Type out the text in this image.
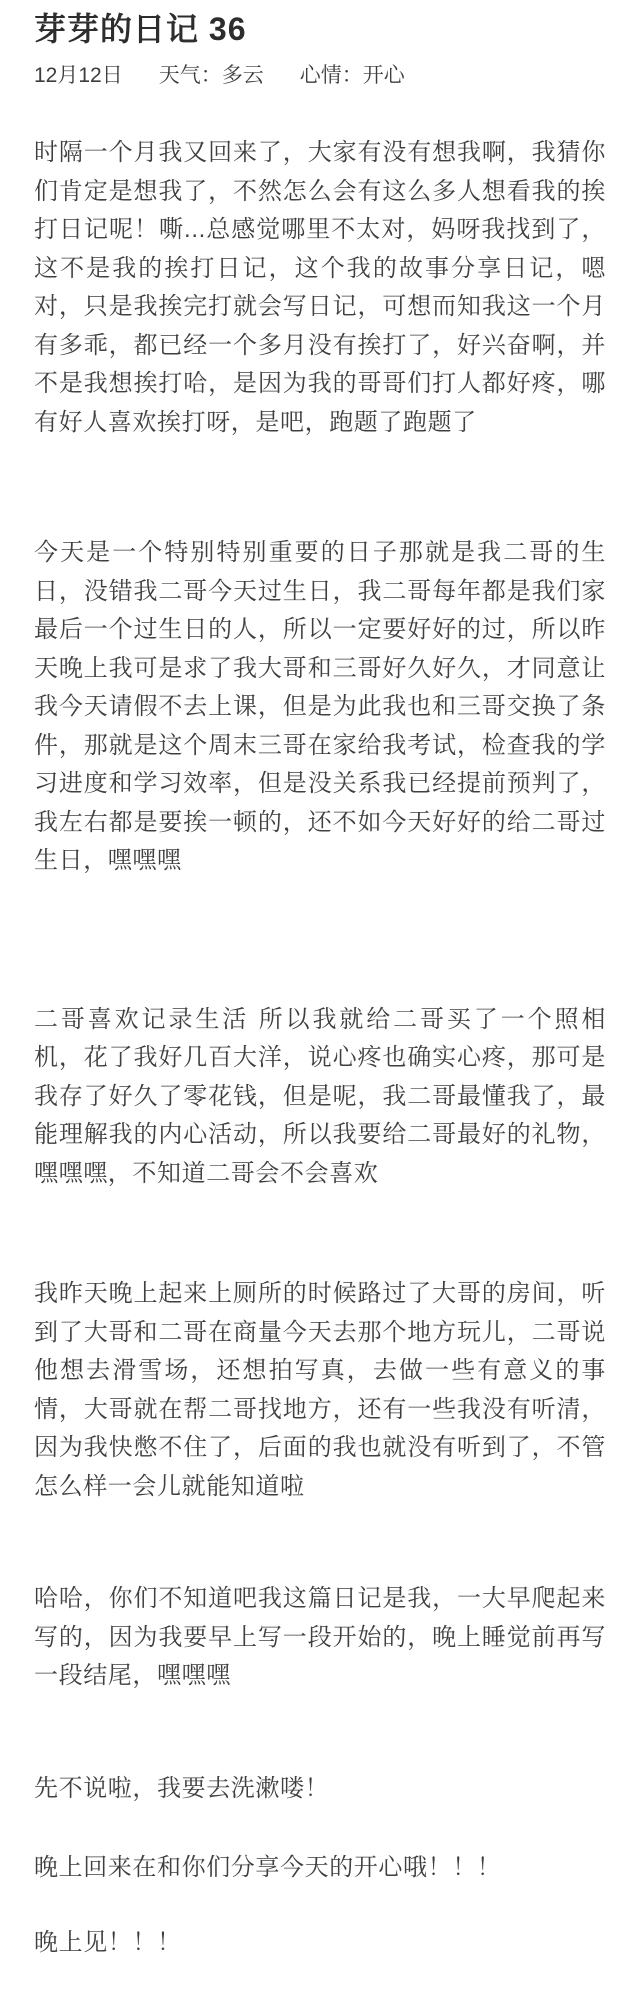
芽芽的日记 36
12月12日 天气：多云 心情：开心

时隔一个月我又回来了，大家有没有想我啊，我猜你们肯定是想我了，不然怎么会有这么多人想看我的挨打日记呢！嘶...总感觉哪里不太对，妈呀我找到了，这不是我的挨打日记，这个我的故事分享日记，嗯对，只是我挨完打就会写日记，可想而知我这一个月有多乖，都已经一个多月没有挨打了，好兴奋啊，并不是我想挨打哈，是因为我的哥哥们打人都好疼，哪有好人喜欢挨打呀，是吧，跑题了跑题了

今天是一个特别特别重要的日子那就是我二哥的生日，没错我二哥今天过生日，我二哥每年都是我们家最后一个过生日的人，所以一定要好好的过，所以昨天晚上我可是求了我大哥和三哥好久好久，才同意让我今天请假不去上课，但是为此我也和三哥交换了条件，那就是这个周末三哥在家给我考试，检查我的学习进度和学习效率，但是没关系我已经提前预判了，我左右都是要挨一顿的，还不如今天好好的给二哥过生日，嘿嘿嘿

二哥喜欢记录生活 所以我就给二哥买了一个照相机，花了我好几百大洋，说心疼也确实心疼，那可是我存了好久了零花钱，但是呢，我二哥最懂我了，最能理解我的内心活动，所以我要给二哥最好的礼物，嘿嘿嘿，不知道二哥会不会喜欢

我昨天晚上起来上厕所的时候路过了大哥的房间，听到了大哥和二哥在商量今天去那个地方玩儿，二哥说他想去滑雪场，还想拍写真，去做一些有意义的事情，大哥就在帮二哥找地方，还有一些我没有听清，因为我快憋不住了，后面的我也就没有听到了，不管怎么样一会儿就能知道啦

哈哈，你们不知道吧我这篇日记是我，一大早爬起来写的，因为我要早上写一段开始的，晚上睡觉前再写一段结尾，嘿嘿嘿

先不说啦，我要去洗漱喽！

晚上回来在和你们分享今天的开心哦！！！

晚上见！！！
